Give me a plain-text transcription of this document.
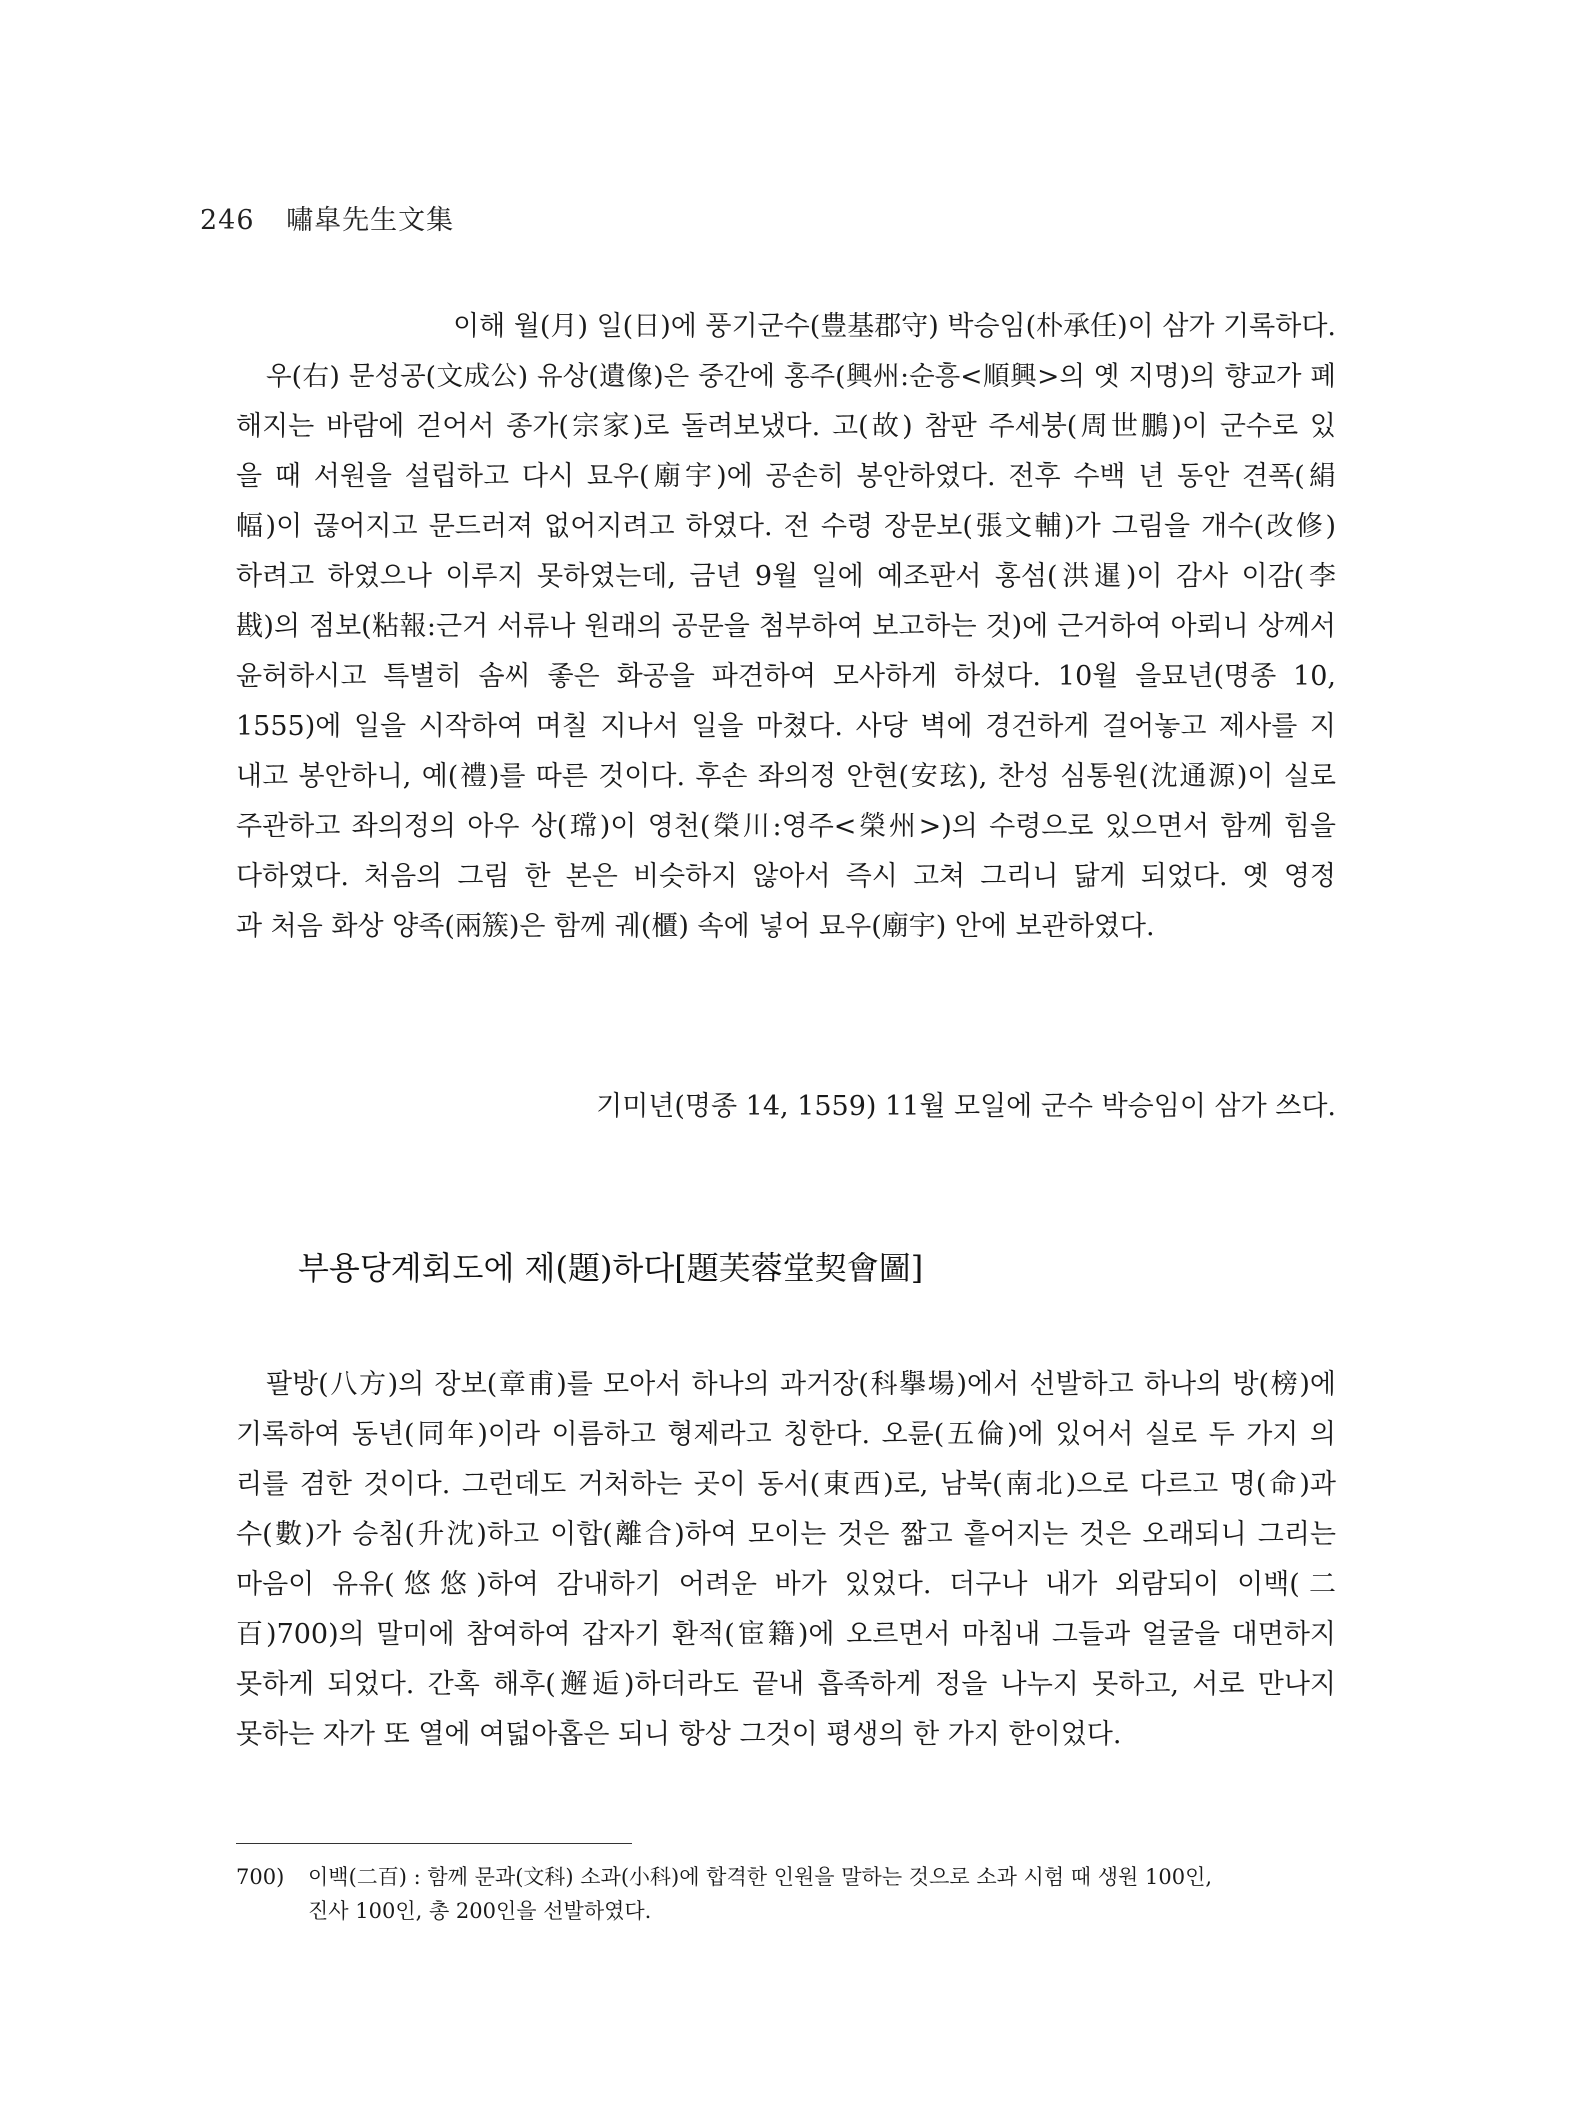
246 嘯皐先生文集
이해 월(月) 일(日)에 풍기군수(豊基郡守) 박승임(朴承任)이 삼가 기록하다.
우(右) 문성공(文成公) 유상(遺像)은 중간에 홍주(興州:순흥<順興>의 옛 지명)의 향교가 폐
해지는 바람에 걷어서 종가(宗家)로 돌려보냈다. 고(故) 참판 주세붕(周世鵬)이 군수로 있
을 때 서원을 설립하고 다시 묘우(廟宇)에 공손히 봉안하였다. 전후 수백 년 동안 견폭(絹
幅)이 끊어지고 문드러져 없어지려고 하였다. 전 수령 장문보(張文輔)가 그림을 개수(改修)
하려고 하였으나 이루지 못하였는데, 금년 9월 일에 예조판서 홍섬(洪暹)이 감사 이감(李
戡)의 점보(粘報:근거 서류나 원래의 공문을 첨부하여 보고하는 것)에 근거하여 아뢰니 상께서
윤허하시고 특별히 솜씨 좋은 화공을 파견하여 모사하게 하셨다. 10월 을묘년(명종 10,
1555)에 일을 시작하여 며칠 지나서 일을 마쳤다. 사당 벽에 경건하게 걸어놓고 제사를 지
내고 봉안하니, 예(禮)를 따른 것이다. 후손 좌의정 안현(安玹), 찬성 심통원(沈通源)이 실로
주관하고 좌의정의 아우 상(瑺)이 영천(榮川:영주<榮州>)의 수령으로 있으면서 함께 힘을
다하였다. 처음의 그림 한 본은 비슷하지 않아서 즉시 고쳐 그리니 닮게 되었다. 옛 영정
과 처음 화상 양족(兩簇)은 함께 궤(櫃) 속에 넣어 묘우(廟宇) 안에 보관하였다.
기미년(명종 14, 1559) 11월 모일에 군수 박승임이 삼가 쓰다.
부용당계회도에 제(題)하다[題芙蓉堂契會圖]
팔방(八方)의 장보(章甫)를 모아서 하나의 과거장(科擧場)에서 선발하고 하나의 방(榜)에
기록하여 동년(同年)이라 이름하고 형제라고 칭한다. 오륜(五倫)에 있어서 실로 두 가지 의
리를 겸한 것이다. 그런데도 거처하는 곳이 동서(東西)로, 남북(南北)으로 다르고 명(命)과
수(數)가 승침(升沈)하고 이합(離合)하여 모이는 것은 짧고 흩어지는 것은 오래되니 그리는
마음이 유유(悠悠)하여 감내하기 어려운 바가 있었다. 더구나 내가 외람되이 이백(二
百)700)의 말미에 참여하여 갑자기 환적(宦籍)에 오르면서 마침내 그들과 얼굴을 대면하지
못하게 되었다. 간혹 해후(邂逅)하더라도 끝내 흡족하게 정을 나누지 못하고, 서로 만나지
못하는 자가 또 열에 여덟아홉은 되니 항상 그것이 평생의 한 가지 한이었다.
700) 이백(二百) : 함께 문과(文科) 소과(小科)에 합격한 인원을 말하는 것으로 소과 시험 때 생원 100인,
진사 100인, 총 200인을 선발하였다.
